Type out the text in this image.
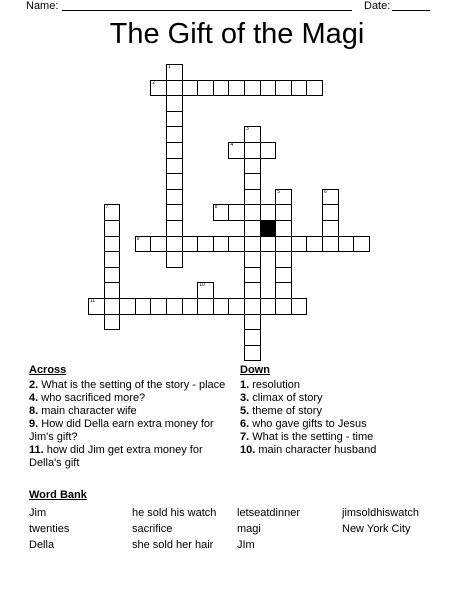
Name:	Date:
The Gift of the Magi
1
2
3
4
5	6
7	8
9
10
11
Across
2. What is the setting of the story - place
4. who sacrificed more?
8. main character wife
9. How did Della earn extra money for Jim's gift?
11. how did Jim get extra money for Della's gift
Down
1. resolution
3. climax of story
5. theme of story
6. who gave gifts to Jesus
7. What is the setting - time
10. main character husband
Word Bank
Jim	he sold his watch	letseatdinner	jimsoldhiswatch
twenties	sacrifice	magi	New York City
Della	she sold her hair	JIm
